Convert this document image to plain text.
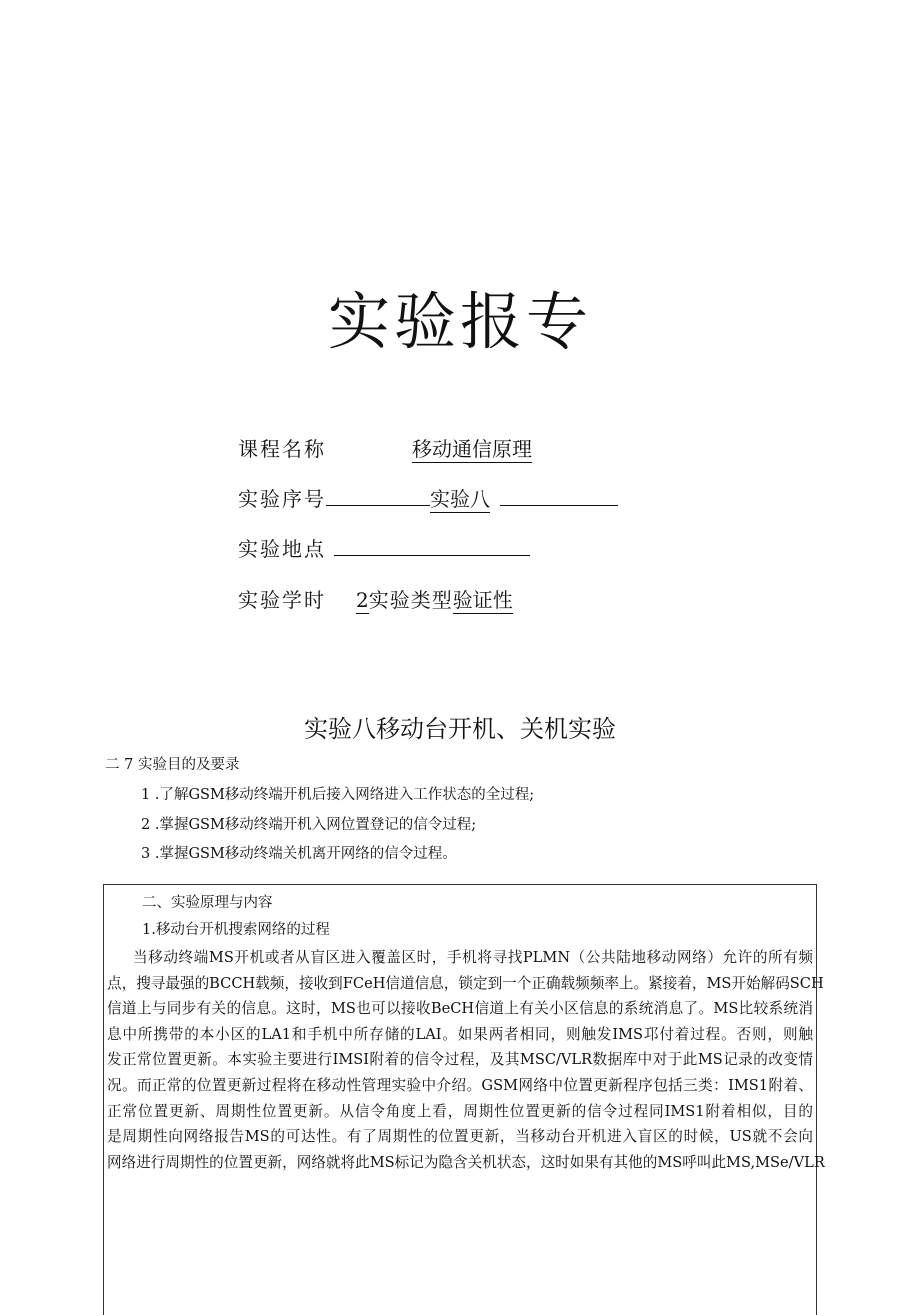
实验报专
课程名称	移动通信原理
实验序号	实验八
实验地点
实验学时 2实验类型验证性
实验八移动台开机、关机实验
二 7 实验目的及要录
1 .了解GSM移动终端开机后接入网络进入工作状态的全过程;
2 .掌握GSM移动终端开机入网位置登记的信令过程;
3 .掌握GSM移动终端关机离开网络的信令过程。
二、实验原理与内容
1.移动台开机搜索网络的过程
当移动终端MS开机或者从盲区进入覆盖区时，手机将寻找PLMN（公共陆地移动网络）允许的所有频
点，搜寻最强的BCCH载频，接收到FCeH信道信息，锁定到一个正确载频频率上。紧接着，MS开始解码SCH
信道上与同步有关的信息。这时，MS也可以接收BeCH信道上有关小区信息的系统消息了。MS比较系统消
息中所携带的本小区的LA1和手机中所存储的LAI。如果两者相同，则触发IMS邛付着过程。否则，则触
发正常位置更新。本实验主要进行IMSI附着的信令过程，及其MSC/VLR数据库中对于此MS记录的改变情
况。而正常的位置更新过程将在移动性管理实验中介绍。GSM网络中位置更新程序包括三类：IMS1附着、
正常位置更新、周期性位置更新。从信令角度上看，周期性位置更新的信令过程同IMS1附着相似，目的
是周期性向网络报告MS的可达性。有了周期性的位置更新，当移动台开机进入盲区的时候，US就不会向
网络进行周期性的位置更新，网络就将此MS标记为隐含关机状态，这时如果有其他的MS呼叫此MS,MSe/VLR
